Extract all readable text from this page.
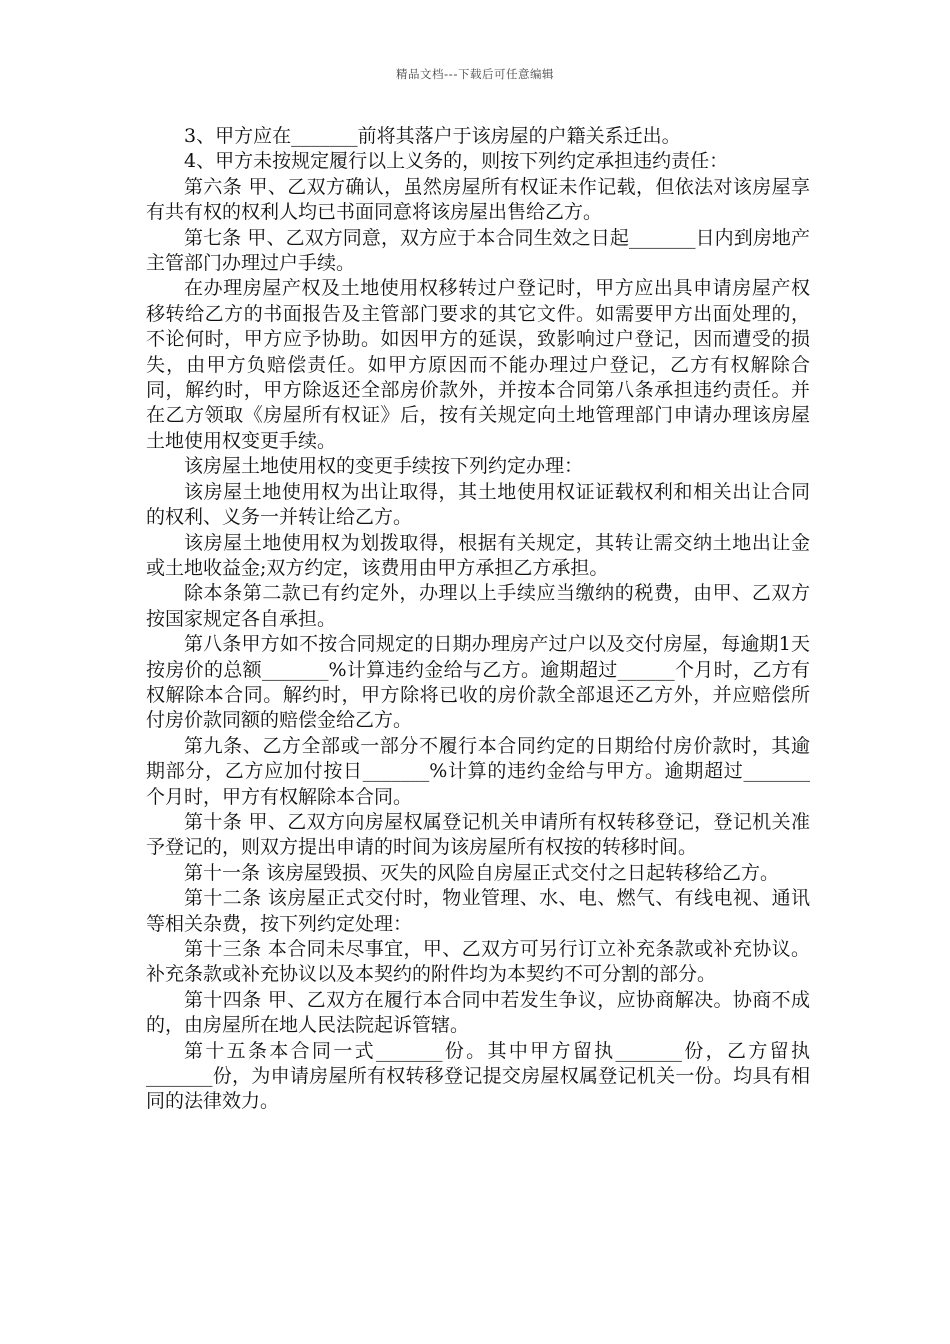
精品文档---下载后可任意编辑

3、甲方应在_______前将其落户于该房屋的户籍关系迁出。

4、甲方未按规定履行以上义务的，则按下列约定承担违约责任：

第六条 甲、乙双方确认，虽然房屋所有权证未作记载，但依法对该房屋享有共有权的权利人均已书面同意将该房屋出售给乙方。

第七条 甲、乙双方同意，双方应于本合同生效之日起_______日内到房地产主管部门办理过户手续。

在办理房屋产权及土地使用权移转过户登记时，甲方应出具申请房屋产权移转给乙方的书面报告及主管部门要求的其它文件。如需要甲方出面处理的，不论何时，甲方应予协助。如因甲方的延误，致影响过户登记，因而遭受的损失，由甲方负赔偿责任。如甲方原因而不能办理过户登记，乙方有权解除合同，解约时，甲方除返还全部房价款外，并按本合同第八条承担违约责任。并在乙方领取《房屋所有权证》后，按有关规定向土地管理部门申请办理该房屋土地使用权变更手续。

该房屋土地使用权的变更手续按下列约定办理：

该房屋土地使用权为出让取得，其土地使用权证证载权利和相关出让合同的权利、义务一并转让给乙方。

该房屋土地使用权为划拨取得，根据有关规定，其转让需交纳土地出让金或土地收益金;双方约定，该费用由甲方承担乙方承担。

除本条第二款已有约定外，办理以上手续应当缴纳的税费，由甲、乙双方按国家规定各自承担。

第八条甲方如不按合同规定的日期办理房产过户以及交付房屋，每逾期1天按房价的总额_______%计算违约金给与乙方。逾期超过______个月时，乙方有权解除本合同。解约时，甲方除将已收的房价款全部退还乙方外，并应赔偿所付房价款同额的赔偿金给乙方。

第九条、乙方全部或一部分不履行本合同约定的日期给付房价款时，其逾期部分，乙方应加付按日_______%计算的违约金给与甲方。逾期超过_______个月时，甲方有权解除本合同。

第十条 甲、乙双方向房屋权属登记机关申请所有权转移登记，登记机关准予登记的，则双方提出申请的时间为该房屋所有权按的转移时间。

第十一条 该房屋毁损、灭失的风险自房屋正式交付之日起转移给乙方。

第十二条 该房屋正式交付时，物业管理、水、电、燃气、有线电视、通讯等相关杂费，按下列约定处理：

第十三条 本合同未尽事宜，甲、乙双方可另行订立补充条款或补充协议。补充条款或补充协议以及本契约的附件均为本契约不可分割的部分。

第十四条 甲、乙双方在履行本合同中若发生争议，应协商解决。协商不成的，由房屋所在地人民法院起诉管辖。

第十五条本合同一式_______份。其中甲方留执_______份，乙方留执_______份，为申请房屋所有权转移登记提交房屋权属登记机关一份。均具有相同的法律效力。
